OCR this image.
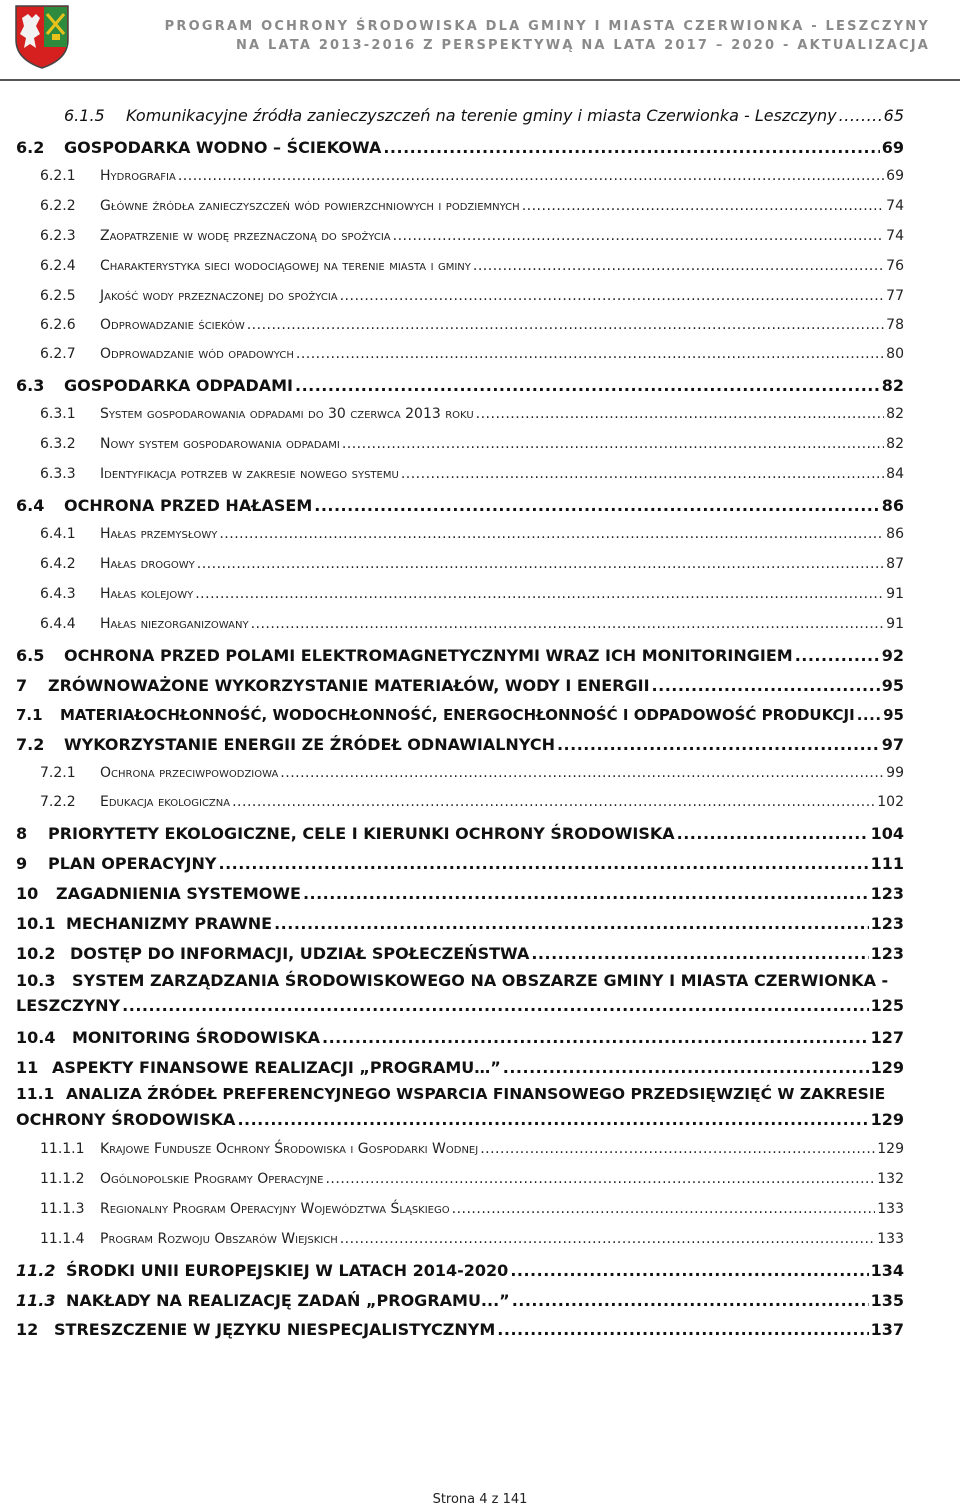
PROGRAM OCHRONY ŚRODOWISKA DLA GMINY I MIASTA CZERWIONKA - LESZCZYNY
NA LATA 2013-2016 Z PERSPEKTYWĄ NA LATA 2017 – 2020 - AKTUALIZACJA
6.1.5	Komunikacyjne źródła zanieczyszczeń na terenie gminy i miasta Czerwionka - Leszczyny .....	65
6.2	GOSPODARKA WODNO – ŚCIEKOWA .....	69
6.2.1	Hydrografia .....	69
6.2.2	Główne źródła zanieczyszczeń wód powierzchniowych i podziemnych .....	74
6.2.3	Zaopatrzenie w wodę przeznaczoną do spożycia .....	74
6.2.4	Charakterystyka sieci wodociągowej na terenie miasta i gminy .....	76
6.2.5	Jakość wody przeznaczonej do spożycia .....	77
6.2.6	Odprowadzanie ścieków .....	78
6.2.7	Odprowadzanie wód opadowych .....	80
6.3	GOSPODARKA ODPADAMI .....	82
6.3.1	System gospodarowania odpadami do 30 czerwca 2013 roku .....	82
6.3.2	Nowy system gospodarowania odpadami .....	82
6.3.3	Identyfikacja potrzeb w zakresie nowego systemu .....	84
6.4	OCHRONA PRZED HAŁASEM .....	86
6.4.1	Hałas przemysłowy .....	86
6.4.2	Hałas drogowy .....	87
6.4.3	Hałas kolejowy .....	91
6.4.4	Hałas niezorganizowany .....	91
6.5	OCHRONA PRZED POLAMI ELEKTROMAGNETYCZNYMI WRAZ ICH MONITORINGIEM .....	92
7	ZRÓWNOWAŻONE WYKORZYSTANIE MATERIAŁÓW, WODY I ENERGII .....	95
7.1	MATERIAŁOCHŁONNOŚĆ, WODOCHŁONNOŚĆ, ENERGOCHŁONNOŚĆ I ODPADOWOŚĆ PRODUKCJI ..... 95
7.2	WYKORZYSTANIE ENERGII ZE ŹRÓDEŁ ODNAWIALNYCH .....	97
7.2.1	Ochrona przeciwpowodziowa .....	99
7.2.2	Edukacja ekologiczna .....	102
8	PRIORYTETY EKOLOGICZNE, CELE I KIERUNKI OCHRONY ŚRODOWISKA .....	104
9	PLAN OPERACYJNY .....	111
10	ZAGADNIENIA SYSTEMOWE .....	123
10.1 MECHANIZMY PRAWNE .....	123
10.2 DOSTĘP DO INFORMACJI, UDZIAŁ SPOŁECZEŃSTWA .....	123
10.3	SYSTEM ZARZĄDZANIA ŚRODOWISKOWEGO NA OBSZARZE GMINY I MIASTA CZERWIONKA -
LESZCZYNY .....	125
10.4	MONITORING ŚRODOWISKA .....	127
11 ASPEKTY FINANSOWE REALIZACJI „PROGRAMU…” .....	129
11.1 ANALIZA ŹRÓDEŁ PREFERENCYJNEGO WSPARCIA FINANSOWEGO PRZEDSIĘWZIĘĆ W ZAKRESIE
OCHRONY ŚRODOWISKA .....	129
11.1.1	Krajowe Fundusze Ochrony Środowiska i Gospodarki Wodnej .....	129
11.1.2	Ogólnopolskie Programy Operacyjne .....	132
11.1.3	Regionalny Program Operacyjny Województwa Śląskiego .....	133
11.1.4	Program Rozwoju Obszarów Wiejskich .....	133
11.2 ŚRODKI UNII EUROPEJSKIEJ W LATACH 2014-2020 .....	134
11.3 NAKŁADY NA REALIZACJĘ ZADAŃ „PROGRAMU...” .....	135
12 STRESZCZENIE W JĘZYKU NIESPECJALISTYCZNYM .....	137
Strona 4 z 141
